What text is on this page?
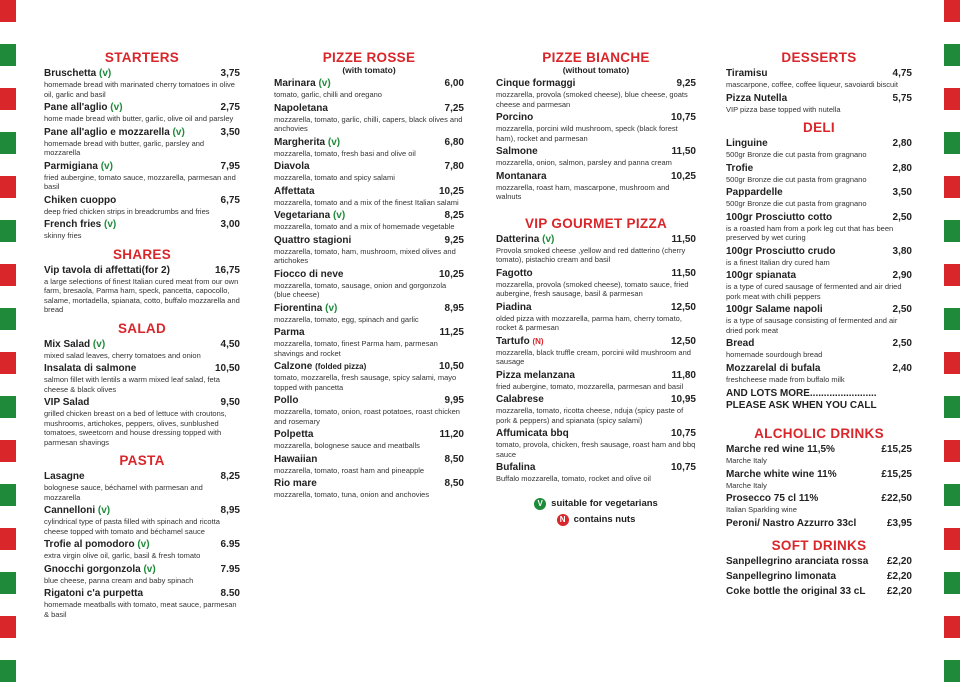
STARTERS
Bruschetta (v)	3,75
homemade bread with marinated cherry tomatoes in olive oil, garlic and basil
Pane all'aglio (v)	2,75
home made bread with butter, garlic, olive oil and parsley
Pane all'aglio e mozzarella (v)	3,50
homemade bread with butter, garlic, parsley and mozzarella
Parmigiana (v)	7,95
fried aubergine, tomato sauce, mozzarella, parmesan and basil
Chiken cuoppo	6,75
deep fried chicken strips in breadcrumbs and fries
French fries (v)	3,00
skinny fries
SHARES
Vip tavola di affettati(for 2)	16,75
a large selections of finest Italian cured meat from our own farm, bresaola, Parma ham, speck, pancetta, capocollo, salame, mortadella, spianata, cotto, buffalo mozzarella and bread
SALAD
Mix Salad (v)	4,50
mixed salad leaves, cherry tomatoes and onion
Insalata di salmone	10,50
salmon fillet with lentils a warm mixed leaf salad, feta cheese & black olives
VIP Salad	9,50
grilled chicken breast on a bed of lettuce with croutons, mushrooms, artichokes, peppers, olives, sunblushed tomatoes, sweetcorn and house dressing topped with parmesan shavings
PASTA
Lasagne	8,25
bolognese sauce, béchamel with parmesan and mozzarella
Cannelloni (v)	8,95
cylindrical type of pasta filled with spinach and ricotta cheese topped with tomato and béchamel sauce
Trofie al pomodoro (v)	6.95
extra virgin olive oil, garlic, basil & fresh tomato
Gnocchi gorgonzola (v)	7.95
blue cheese, panna cream and baby spinach
Rigatoni c'a purpetta	8.50
homemade meatballs with tomato, meat sauce, parmesan & basil
PIZZE ROSSE
(with tomato)
Marinara (v)	6,00
tomato, garlic, chilli and oregano
Napoletana	7,25
mozzarella, tomato, garlic, chilli, capers, black olives and anchovies
Margherita (v)	6,80
mozzarella, tomato, fresh basi and olive oil
Diavola	7,80
mozzarella, tomato and spicy salami
Affettata	10,25
mozzarella, tomato and a mix of the finest Italian salami
Vegetariana (v)	8,25
mozzarella, tomato and a mix of homemade vegetable
Quattro stagioni	9,25
mozzarella, tomato, ham, mushroom, mixed olives and artichokes
Fiocco di neve	10,25
mozzarella, tomato, sausage, onion and gorgonzola (blue cheese)
Fiorentina (v)	8,95
mozzarella, tomato, egg, spinach and garlic
Parma	11,25
mozzarella, tomato, finest Parma ham, parmesan shavings and rocket
Calzone (folded pizza)	10,50
tomato, mozzarella, fresh sausage, spicy salami, mayo topped with pancetta
Pollo	9,95
mozzarella, tomato, onion, roast potatoes, roast chicken and rosemary
Polpetta	11,20
mozzarella, bolognese sauce and meatballs
Hawaiian	8,50
mozzarella, tomato, roast ham and pineapple
Rio mare	8,50
mozzarella, tomato, tuna, onion and anchovies
PIZZE BIANCHE
(without tomato)
Cinque formaggi	9,25
mozzarella, provola (smoked cheese), blue cheese, goats cheese and parmesan
Porcino	10,75
mozzarella, porcini wild mushroom, speck (black forest ham), rocket and parmesan
Salmone	11,50
mozzarella, onion, salmon, parsley and panna cream
Montanara	10,25
mozzarella, roast ham, mascarpone, mushroom and walnuts
VIP GOURMET PIZZA
Datterina (v)	11,50
Provola smoked cheese ,yellow and red datterino (cherry tomato), pistachio cream and basil
Fagotto	11,50
mozzarella, provola (smoked cheese), tomato sauce, fried aubergine, fresh sausage, basil & parmesan
Piadina	12,50
olded pizza with mozzarella, parma ham, cherry tomato, rocket & parmesan
Tartufo (N)	12,50
mozzarella, black truffle cream, porcini wild mushroom and sausage
Pizza melanzana	11,80
fried aubergine, tomato, mozzarella, parmesan and basil
Calabrese	10,95
mozzarella, tomato, ricotta cheese, nduja (spicy paste of pork & peppers) and spianata (spicy salami)
Affumicata bbq	10,75
tomato, provola, chicken, fresh sausage, roast ham and bbq sauce
Bufalina	10,75
Buffalo mozzarella, tomato, rocket and olive oil
V suitable for vegetarians
N contains nuts
DESSERTS
Tiramisu	4,75
mascarpone, coffee, coffee liqueur, savoiardi biscuit
Pizza Nutella	5,75
VIP pizza base topped with nutella
DELI
Linguine	2,80
500gr Bronze die cut pasta from gragnano
Trofie	2,80
500gr Bronze die cut pasta from gragnano
Pappardelle	3,50
500gr Bronze die cut pasta from gragnano
100gr Prosciutto cotto	2,50
is a roasted ham from a pork leg cut that has been preserved by wet curing
100gr Prosciutto crudo	3,80
is a finest Italian dry cured ham
100gr spianata	2,90
is a type of cured sausage of fermented and air dried pork meat with chilli peppers
100gr Salame napoli	2,50
is a type of sausage consisting of fermented and air dried pork meat
Bread	2,50
homemade sourdough bread
Mozzarelal di bufala	2,40
freshcheese made from buffalo milk
AND LOTS MORE........................
PLEASE ASK WHEN YOU CALL
ALCHOLIC DRINKS
Marche red wine 11,5%	£15,25
Marche Italy
Marche white wine 11%	£15,25
Marche Italy
Prosecco 75 cl 11%	£22,50
Italian Sparkling wine
Peroni/ Nastro Azzurro 33cl	£3,95
SOFT DRINKS
Sanpellegrino aranciata rossa £2,20
Sanpellegrino limonata	£2,20
Coke bottle the original 33 cL £2,20
